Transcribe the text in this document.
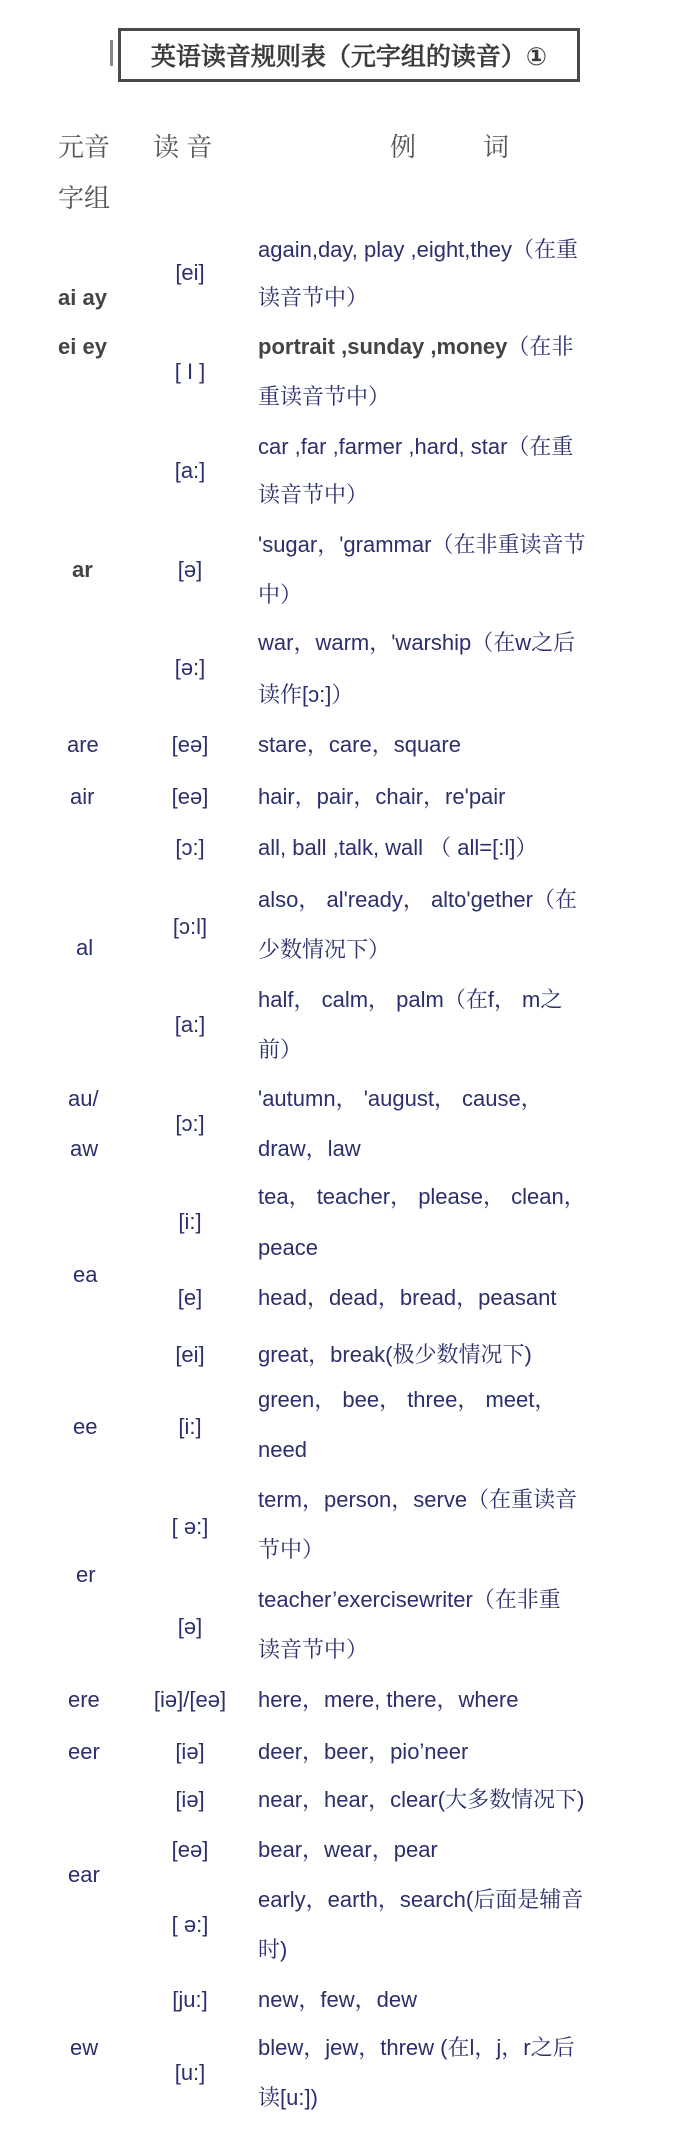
英语读音规则表（元字组的读音）①
元音
字组
读 音	例	词
ai ay
ei ey
ar
are
air
al
au/
aw
ea
ee
er
ere
eer
ear
ew
[ei]
[ I ]
[a:]
[ə]
[ə:]
[eə]
[eə]
[ɔ:]
[ɔ:l]
[a:]
[ɔ:]
[i:]
[e]
[ei]
[i:]
[ ə:]
[ə]
[iə]/[eə]
[iə]
[iə]
[eə]
[ ə:]
[ju:]
[u:]
again,day, play ,eight,they（在重
读音节中）
portrait ,sunday ,money（在非
重读音节中）
car ,far ,farmer ,hard, star（在重
读音节中）
'sugar，'grammar（在非重读音节
中）
war，warm，'warship（在w之后
读作[ɔ:]）
stare，care，square
hair，pair，chair，re'pair
all, ball ,talk, wall （ all=[:l]）
also， al'ready， alto'gether（在
少数情况下）
half， calm， palm（在f， m之
前）
'autumn， 'august， cause，
draw，law
tea， teacher， please， clean，
peace
head，dead，bread，peasant
great，break(极少数情况下)
green， bee， three， meet，
need
term，person，serve（在重读音
节中）
teacher’exercisewriter（在非重
读音节中）
here，mere, there，where
deer，beer，pio’neer
near，hear，clear(大多数情况下)
bear，wear，pear
early，earth，search(后面是辅音
时)
new，few，dew
blew，jew，threw (在l，j，r之后
读[u:])
